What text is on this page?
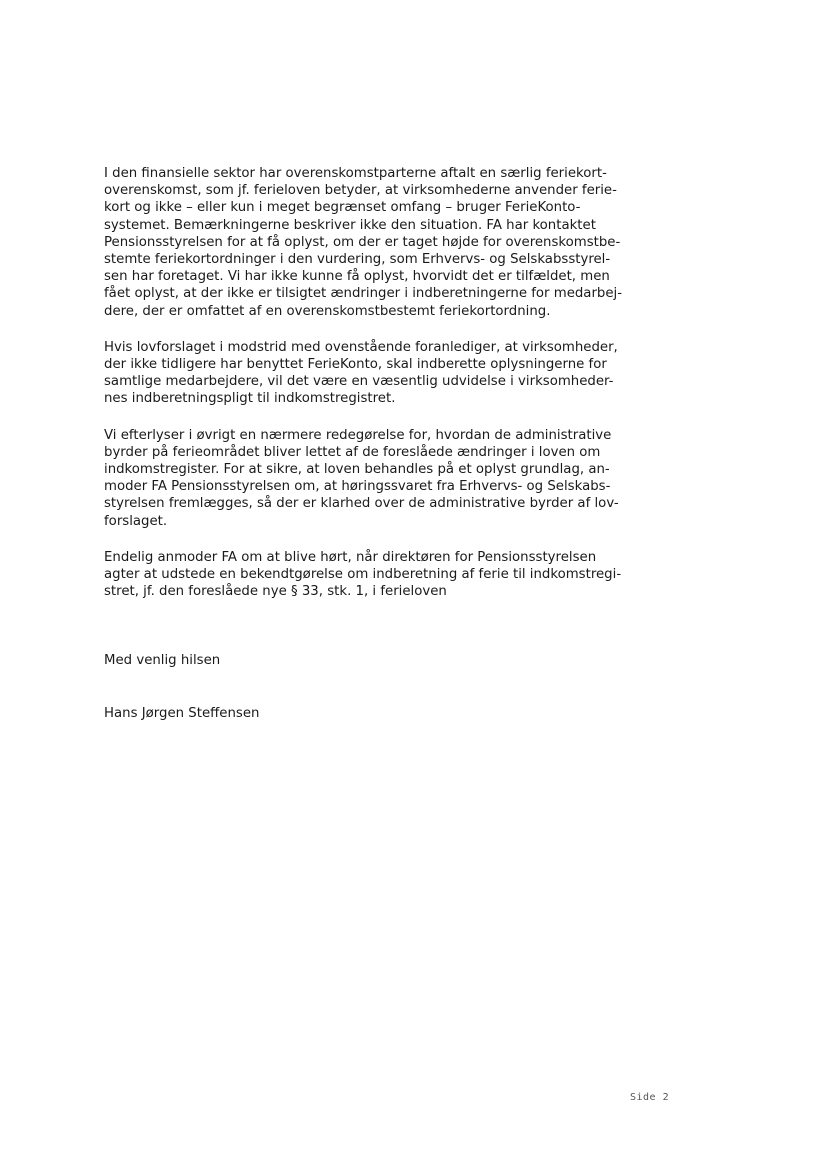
I den finansielle sektor har overenskomstparterne aftalt en særlig feriekort-
overenskomst, som jf. ferieloven betyder, at virksomhederne anvender ferie-
kort og ikke – eller kun i meget begrænset omfang – bruger FerieKonto-
systemet. Bemærkningerne beskriver ikke den situation. FA har kontaktet
Pensionsstyrelsen for at få oplyst, om der er taget højde for overenskomstbe-
stemte feriekortordninger i den vurdering, som Erhvervs- og Selskabsstyrel-
sen har foretaget. Vi har ikke kunne få oplyst, hvorvidt det er tilfældet, men
fået oplyst, at der ikke er tilsigtet ændringer i indberetningerne for medarbej-
dere, der er omfattet af en overenskomstbestemt feriekortordning.

Hvis lovforslaget i modstrid med ovenstående foranlediger, at virksomheder,
der ikke tidligere har benyttet FerieKonto, skal indberette oplysningerne for
samtlige medarbejdere, vil det være en væsentlig udvidelse i virksomheder-
nes indberetningspligt til indkomstregistret.

Vi efterlyser i øvrigt en nærmere redegørelse for, hvordan de administrative
byrder på ferieområdet bliver lettet af de foreslåede ændringer i loven om
indkomstregister. For at sikre, at loven behandles på et oplyst grundlag, an-
moder FA Pensionsstyrelsen om, at høringssvaret fra Erhvervs- og Selskabs-
styrelsen fremlægges, så der er klarhed over de administrative byrder af lov-
forslaget.

Endelig anmoder FA om at blive hørt, når direktøren for Pensionsstyrelsen
agter at udstede en bekendtgørelse om indberetning af ferie til indkomstregi-
stret, jf. den foreslåede nye § 33, stk. 1, i ferieloven

Med venlig hilsen

Hans Jørgen Steffensen

Side 2
